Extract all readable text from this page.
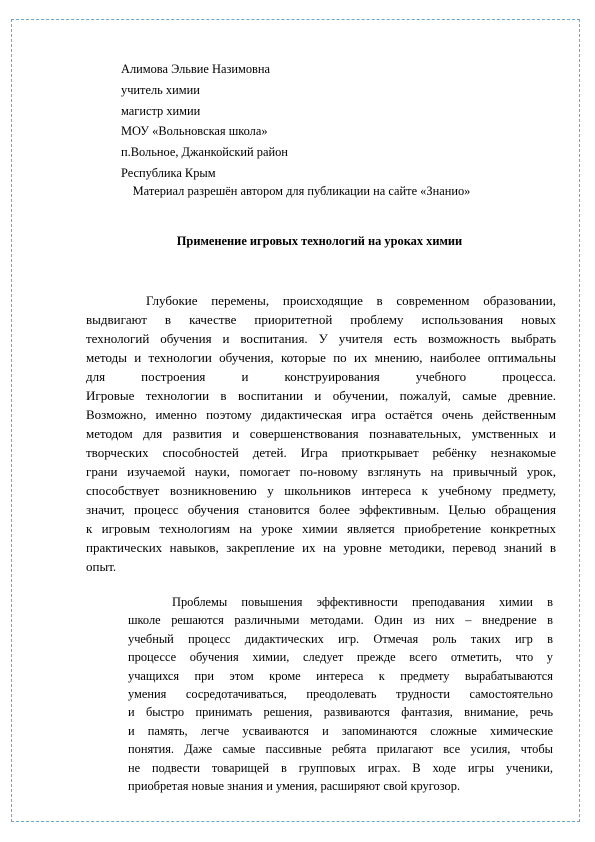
Алимова Эльвие Назимовна
учитель химии
магистр химии
МОУ «Вольновская школа»
п.Вольное, Джанкойский район
Республика Крым
Материал разрешён автором для публикации на сайте «Знанио»
Применение игровых технологий на уроках химии
Глубокие перемены, происходящие в современном образовании,
выдвигают в качестве приоритетной проблему использования новых
технологий обучения и воспитания. У учителя есть возможность выбрать
методы и технологии обучения, которые по их мнению, наиболее оптимальны
для построения и конструирования учебного процесса.
Игровые технологии в воспитании и обучении, пожалуй, самые древние.
Возможно, именно поэтому дидактическая игра остаётся очень действенным
методом для развития и совершенствования познавательных, умственных и
творческих способностей детей. Игра приоткрывает ребёнку незнакомые
грани изучаемой науки, помогает по-новому взглянуть на привычный урок,
способствует возникновению у школьников интереса к учебному предмету,
значит, процесс обучения становится более эффективным. Целью обращения
к игровым технологиям на уроке химии является приобретение конкретных
практических навыков, закрепление их на уровне методики, перевод знаний в
опыт.
Проблемы повышения эффективности преподавания химии в
школе решаются различными методами. Один из них – внедрение в
учебный процесс дидактических игр. Отмечая роль таких игр в
процессе обучения химии, следует прежде всего отметить, что у
учащихся при этом кроме интереса к предмету вырабатываются
умения сосредотачиваться, преодолевать трудности самостоятельно
и быстро принимать решения, развиваются фантазия, внимание, речь
и память, легче усваиваются и запоминаются сложные химические
понятия. Даже самые пассивные ребята прилагают все усилия, чтобы
не подвести товарищей в групповых играх. В ходе игры ученики,
приобретая новые знания и умения, расширяют свой кругозор.
